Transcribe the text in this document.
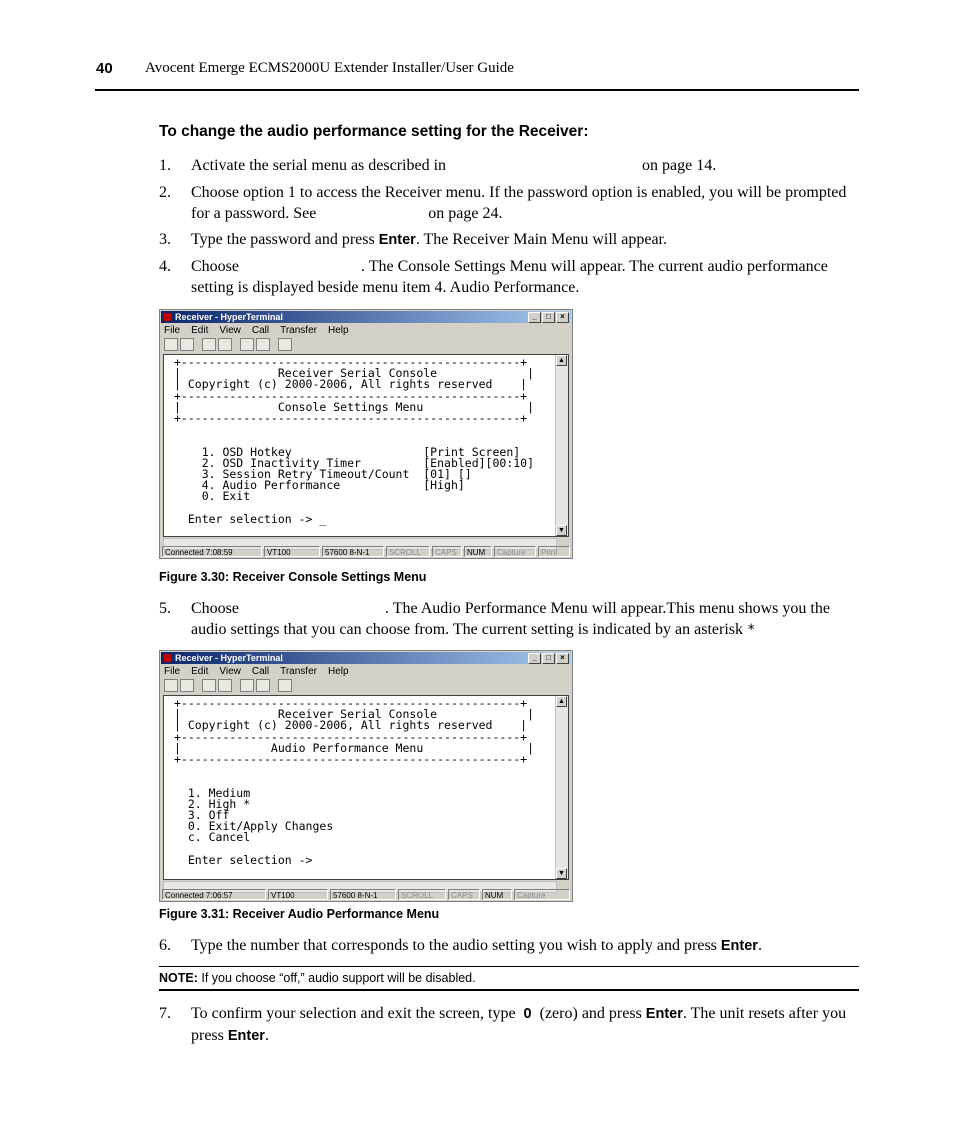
40 Avocent Emerge ECMS2000U Extender Installer/User Guide
To change the audio performance setting for the Receiver:
1. Activate the serial menu as described in	on page 14.
2. Choose option 1 to access the Receiver menu. If the password option is enabled, you will be prompted for a password. See	on page 24.
3. Type the password and press Enter. The Receiver Main Menu will appear.
4. Choose	. The Console Settings Menu will appear. The current audio performance setting is displayed beside menu item 4. Audio Performance.
Receiver - HyperTerminal	_ □ ×
File Edit View Call Transfer Help
+-------------------------------------------------+
|              Receiver Serial Console             |
| Copyright (c) 2000-2006, All rights reserved    |
+-------------------------------------------------+
|              Console Settings Menu               |
+-------------------------------------------------+

1. OSD Hotkey                   [Print Screen]
2. OSD Inactivity Timer         [Enabled][00:10]
3. Session Retry Timeout/Count  [01] []
4. Audio Performance            [High]
0. Exit

Enter selection -> _
▲
▼
Connected 7:08:59	VT100	57600 8-N-1	SCROLL	CAPS	NUM	Capture	Print
Figure 3.30: Receiver Console Settings Menu
5. Choose	. The Audio Performance Menu will appear.This menu shows you the audio settings that you can choose from. The current setting is indicated by an asterisk *
Receiver - HyperTerminal	_ □ ×
File Edit View Call Transfer Help
+-------------------------------------------------+
|              Receiver Serial Console             |
| Copyright (c) 2000-2006, All rights reserved    |
+-------------------------------------------------+
|             Audio Performance Menu               |
+-------------------------------------------------+

1. Medium
2. High *
3. Off
0. Exit/Apply Changes
c. Cancel

Enter selection ->
▲
▼
Connected 7:06:57	VT100	57600 8-N-1	SCROLL	CAPS	NUM	Capture
Figure 3.31: Receiver Audio Performance Menu
6. Type the number that corresponds to the audio setting you wish to apply and press Enter.
NOTE: If you choose “off,” audio support will be disabled.
7. To confirm your selection and exit the screen, type 0 (zero) and press Enter. The unit resets after you press Enter.
